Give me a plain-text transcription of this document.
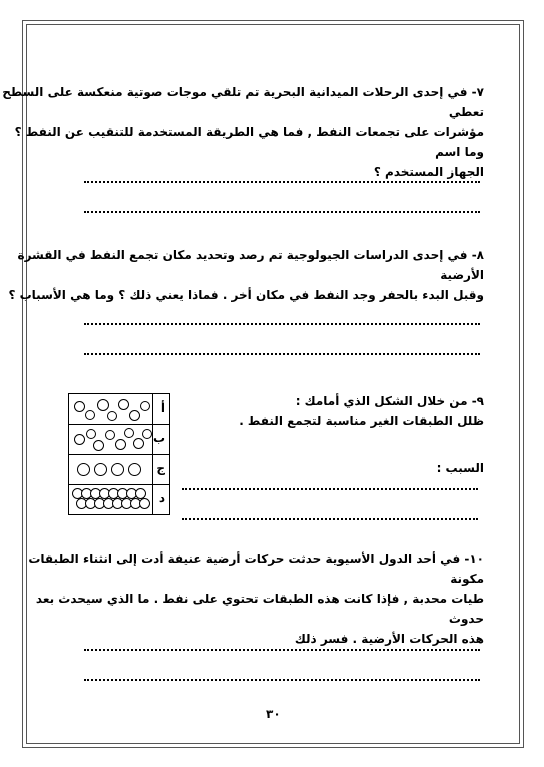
٧- في إحدى الرحلات الميدانية البحرية تم تلقي موجات صوتية منعكسة على السطح تعطي
مؤشرات على تجمعات النفط , فما هي الطريقة المستخدمة للتنقيب عن النفط ؟ وما اسم
الجهاز المستخدم ؟
٨- في إحدى الدراسات الجيولوجية تم رصد وتحديد مكان تجمع النفط في القشرة الأرضية
وقبل البدء بالحفر وجد النفط في مكان أخر . فماذا يعني ذلك ؟ وما هي الأسباب ؟
٩- من خلال الشكل الذي أمامك :
ظلل الطبقات الغير مناسبة لتجمع النفط .
السبب :
أ
ب
ج
د
١٠- في أحد الدول الأسيوية حدثت حركات أرضية عنيفة أدت إلى انثناء الطبقات مكونة
طيات محدبة , فإذا كانت هذه الطبقات تحتوي على نفط . ما الذي سيحدث بعد حدوث
هذه الحركات الأرضية . فسر ذلك
٣٠
